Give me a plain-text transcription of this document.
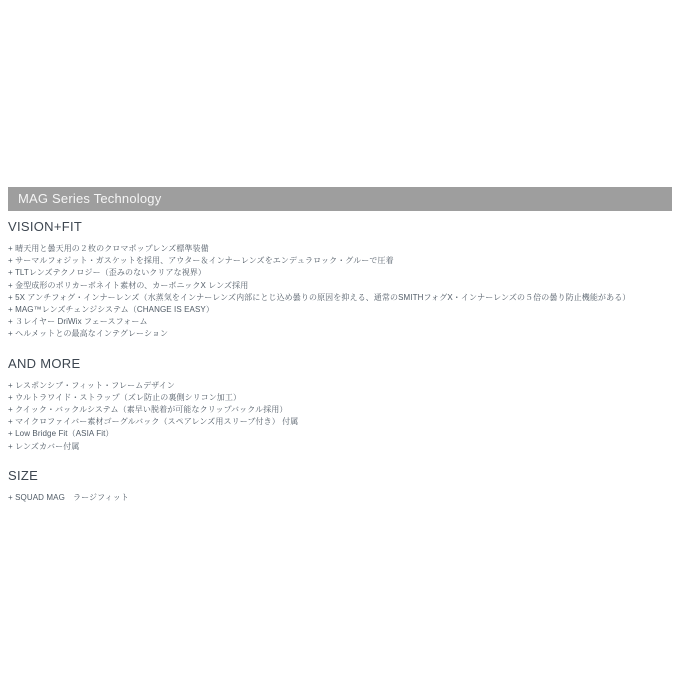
MAG Series Technology
VISION+FIT
+ 晴天用と曇天用の２枚のクロマポップレンズ標準装備
+ サーマルフォジット・ガスケットを採用、アウター＆インナーレンズをエンデュラロック・グルーで圧着
+ TLTレンズテクノロジー（歪みのないクリアな視界）
+ 金型成形のポリカーボネイト素材の、カーボニックX レンズ採用
+ 5X アンチフォグ・インナーレンズ（水蒸気をインナーレンズ内部にとじ込め曇りの原因を抑える、通常のSMITHフォグX・インナーレンズの５倍の曇り防止機能がある）
+ MAG™レンズチェンジシステム（CHANGE IS EASY）
+ ３レイヤー DriWix フェースフォーム
+ ヘルメットとの最高なインテグレーション
AND MORE
+ レスポンシブ・フィット・フレームデザイン
+ ウルトラワイド・ストラップ（ズレ防止の裏側シリコン加工）
+ クイック・バックルシステム（素早い脱着が可能なクリップバックル採用）
+ マイクロファイバー素材ゴーグルバック（スペアレンズ用スリーブ付き） 付属
+ Low Bridge Fit（ASIA Fit）
+ レンズカバー付属
SIZE
+ SQUAD MAG　ラージフィット
